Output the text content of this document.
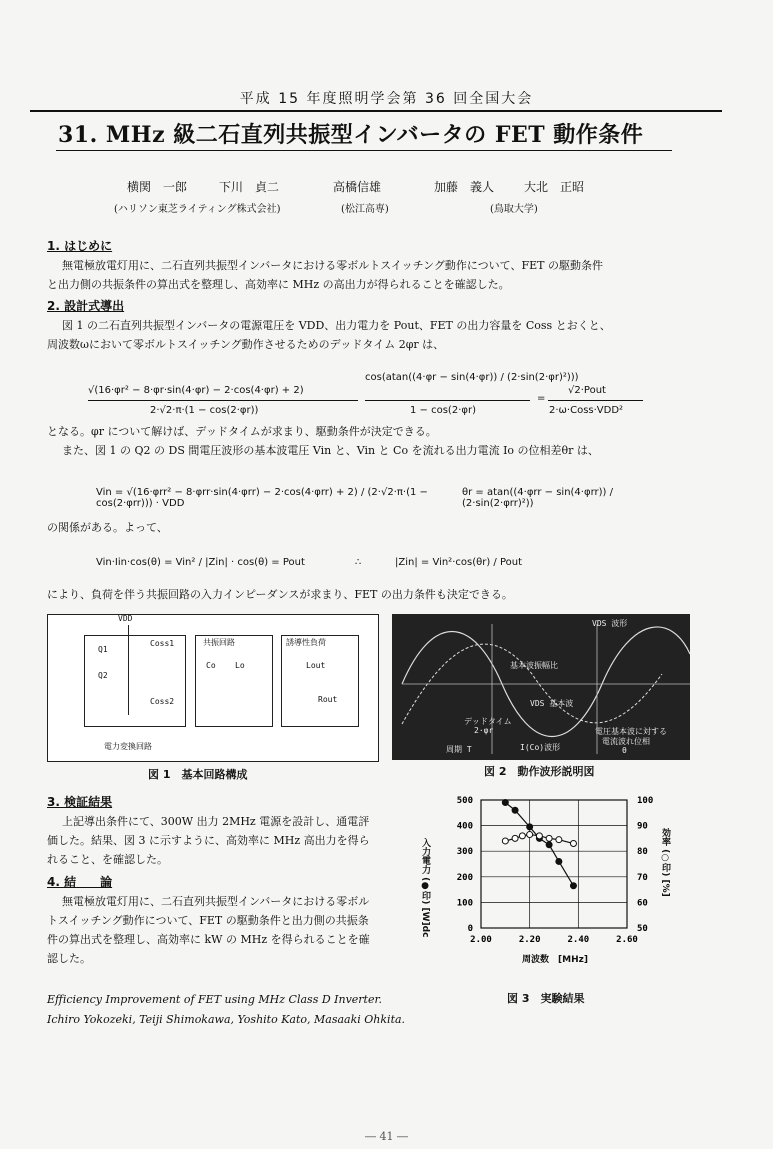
平成 15 年度照明学会第 36 回全国大会
31. MHz 級二石直列共振型インバータの FET 動作条件
横関　一郎	下川　貞二	高橋信雄	加藤　義人 大北　正昭
(ハリソン東芝ライティング株式会社)	(松江高専)	(鳥取大学)
1. はじめに
無電極放電灯用に、二石直列共振型インバータにおける零ボルトスイッチング動作について、FET の駆動条件
と出力側の共振条件の算出式を整理し、高効率に MHz の高出力が得られることを確認した。
2. 設計式導出
図 1 の二石直列共振型インバータの電源電圧を VDD、出力電力を Pout、FET の出力容量を Coss とおくと、
周波数ωにおいて零ボルトスイッチング動作させるためのデッドタイム 2φr は、
√(16·φr² − 8·φr·sin(4·φr) − 2·cos(4·φr) + 2)
2·√2·π·(1 − cos(2·φr))
cos(atan((4·φr − sin(4·φr)) / (2·sin(2·φr)²)))
1 − cos(2·φr)
=
√2·Pout
2·ω·Coss·VDD²
となる。φr について解けば、デッドタイムが求まり、駆動条件が決定できる。
また、図 1 の Q2 の DS 間電圧波形の基本波電圧 Vin と、Vin と Co を流れる出力電流 Io の位相差θr は、
Vin = √(16·φrr² − 8·φrr·sin(4·φrr) − 2·cos(4·φrr) + 2) / (2·√2·π·(1 − cos(2·φrr))) · VDD
θr = atan((4·φrr − sin(4·φrr)) / (2·sin(2·φrr)²))
の関係がある。よって、
Vin·Iin·cos(θ) = Vin² / |Zin| · cos(θ) = Pout	∴	|Zin| = Vin²·cos(θr) / Pout
により、負荷を伴う共振回路の入力インピーダンスが求まり、FET の出力条件も決定できる。
VDD
Q1
Q2
Coss1
Coss2
共振回路
Co Lo
誘導性負荷
Lout
Rout
電力変換回路
VDS 波形
基本波振幅比
VDS 基本波
デッドタイム
2·φr
周期 T	I(Co)波形
電圧基本波に対する
電流波れ位相
θ
図 1　基本回路構成	図 2　動作波形説明図
3. 検証結果
上記導出条件にて、300W 出力 2MHz 電源を設計し、通電評
価した。結果、図 3 に示すように、高効率に MHz 高出力を得ら
れること、を確認した。
4. 結　　論
無電極放電灯用に、二石直列共振型インバータにおける零ボル
トスイッチング動作について、FET の駆動条件と出力側の共振条
件の算出式を整理し、高効率に kW の MHz を得られることを確
認した。
Efficiency Improvement of FET using MHz Class D Inverter.
Ichiro Yokozeki, Teiji Shimokawa, Yoshito Kato, Masaaki Ohkita.
0
100
200
300
400
500
50
60
70
80
90
100
2.00	2.20	2.40	2.60
入力電力 (●印) [W]dc	効率 (○印) [%]
周波数　[MHz]
図 3　実験結果
― 41 ―
